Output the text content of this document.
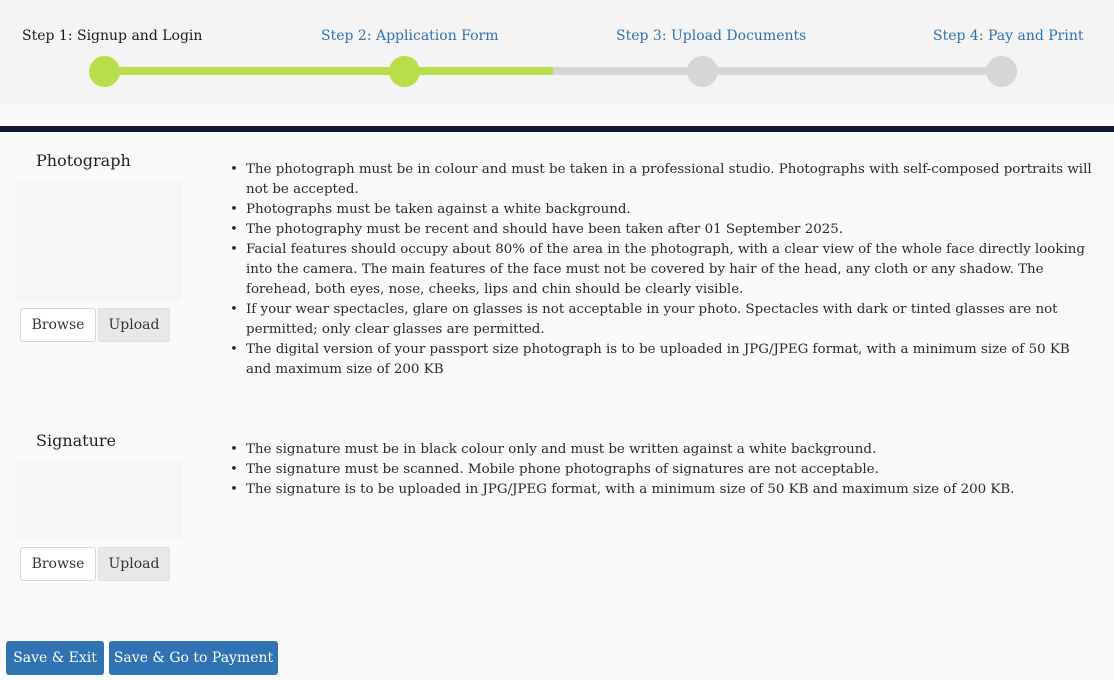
Step 1: Signup and Login	Step 2: Application Form	Step 3: Upload Documents	Step 4: Pay and Print
Photograph
Browse	Upload
• The photograph must be in colour and must be taken in a professional studio. Photographs with self-composed portraits will not be accepted.
• Photographs must be taken against a white background.
• The photography must be recent and should have been taken after 01 September 2025.
• Facial features should occupy about 80% of the area in the photograph, with a clear view of the whole face directly looking into the camera. The main features of the face must not be covered by hair of the head, any cloth or any shadow. The forehead, both eyes, nose, cheeks, lips and chin should be clearly visible.
• If your wear spectacles, glare on glasses is not acceptable in your photo. Spectacles with dark or tinted glasses are not permitted; only clear glasses are permitted.
• The digital version of your passport size photograph is to be uploaded in JPG/JPEG format, with a minimum size of 50 KB and maximum size of 200 KB
Signature
Browse	Upload
• The signature must be in black colour only and must be written against a white background.
• The signature must be scanned. Mobile phone photographs of signatures are not acceptable.
• The signature is to be uploaded in JPG/JPEG format, with a minimum size of 50 KB and maximum size of 200 KB.
Save & Exit	Save & Go to Payment
